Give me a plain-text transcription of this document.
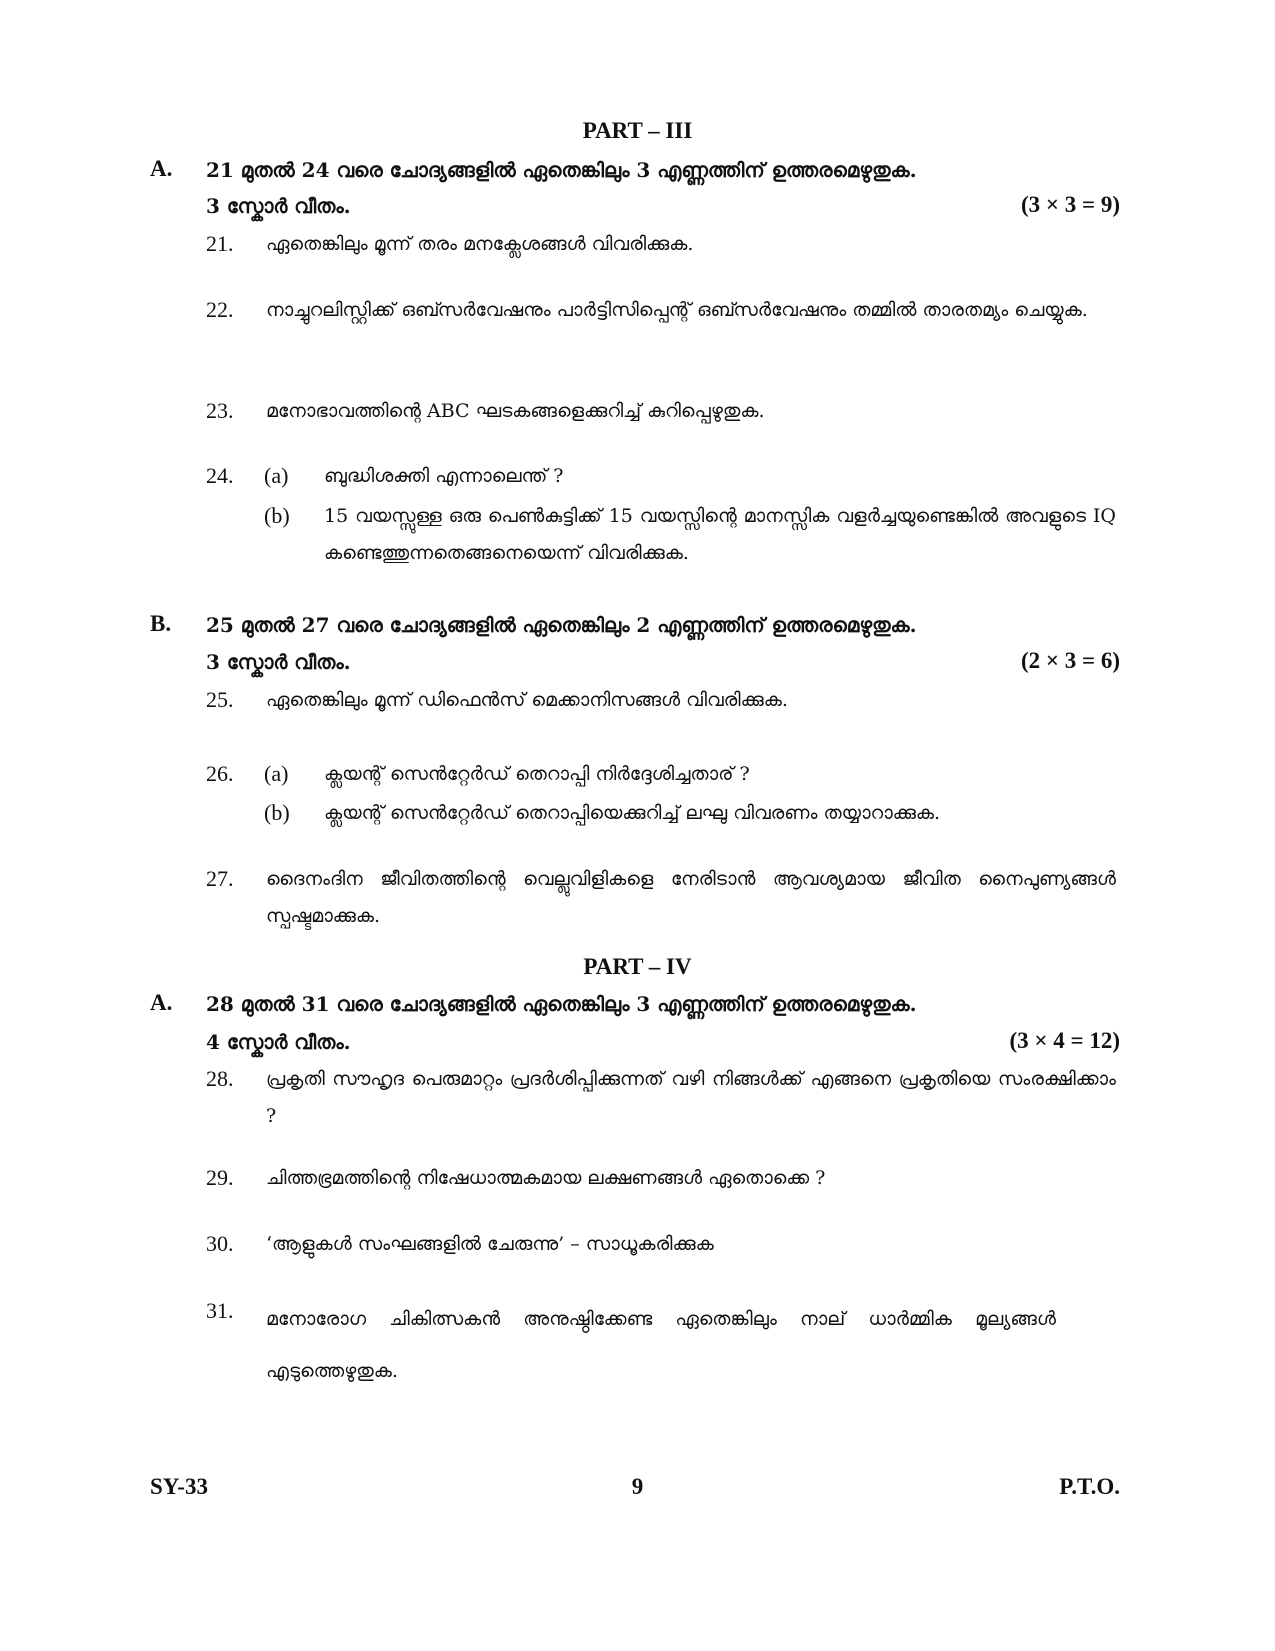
PART – III
A. 21 മുതൽ 24 വരെ ചോദ്യങ്ങളിൽ ഏതെങ്കിലും 3 എണ്ണത്തിന് ഉത്തരമെഴുതുക.
3 സ്കോർ വീതം.	(3 × 3 = 9)
21. ഏതെങ്കിലും മൂന്ന് തരം മനക്ലേശങ്ങൾ വിവരിക്കുക.
22. നാച്ചുറലിസ്റ്റിക്ക് ഒബ്സർവേഷനും പാർട്ടിസിപ്പെന്റ് ഒബ്സർവേഷനും തമ്മിൽ താരതമ്യം ചെയ്യുക.
23. മനോഭാവത്തിന്റെ ABC ഘടകങ്ങളെക്കുറിച്ച് കുറിപ്പെഴുതുക.
24. (a) ബുദ്ധിശക്തി എന്നാലെന്ത് ?
(b) 15 വയസ്സുള്ള ഒരു പെൺകുട്ടിക്ക് 15 വയസ്സിന്റെ മാനസ്സിക വളർച്ചയുണ്ടെങ്കിൽ അവളുടെ IQ കണ്ടെത്തുന്നതെങ്ങനെയെന്ന് വിവരിക്കുക.
B. 25 മുതൽ 27 വരെ ചോദ്യങ്ങളിൽ ഏതെങ്കിലും 2 എണ്ണത്തിന് ഉത്തരമെഴുതുക.
3 സ്കോർ വീതം.	(2 × 3 = 6)
25. ഏതെങ്കിലും മൂന്ന് ഡിഫെൻസ് മെക്കാനിസങ്ങൾ വിവരിക്കുക.
26. (a) ക്ലയന്റ് സെൻറ്റേർഡ് തെറാപ്പി നിർദ്ദേശിച്ചതാര് ?
(b) ക്ലയന്റ് സെൻറ്റേർഡ് തെറാപ്പിയെക്കുറിച്ച് ലഘു വിവരണം തയ്യാറാക്കുക.
27. ദൈനംദിന ജീവിതത്തിന്റെ വെല്ലുവിളികളെ നേരിടാൻ ആവശ്യമായ ജീവിത നൈപുണ്യങ്ങൾ സ്പഷ്ടമാക്കുക.
PART – IV
A. 28 മുതൽ 31 വരെ ചോദ്യങ്ങളിൽ ഏതെങ്കിലും 3 എണ്ണത്തിന് ഉത്തരമെഴുതുക.
4 സ്കോർ വീതം.	(3 × 4 = 12)
28. പ്രകൃതി സൗഹൃദ പെരുമാറ്റം പ്രദർശിപ്പിക്കുന്നത് വഴി നിങ്ങൾക്ക് എങ്ങനെ പ്രകൃതിയെ സംരക്ഷിക്കാം ?
29. ചിത്തഭ്രമത്തിന്റെ നിഷേധാത്മകമായ ലക്ഷണങ്ങൾ ഏതൊക്കെ ?
30. ‘ആളുകൾ സംഘങ്ങളിൽ ചേരുന്നു’ – സാധൂകരിക്കുക
31. മനോരോഗ ചികിത്സകൻ അനുഷ്ഠിക്കേണ്ട ഏതെങ്കിലും നാല് ധാർമ്മിക മൂല്യങ്ങൾ എടുത്തെഴുതുക.
SY-33	9	P.T.O.
